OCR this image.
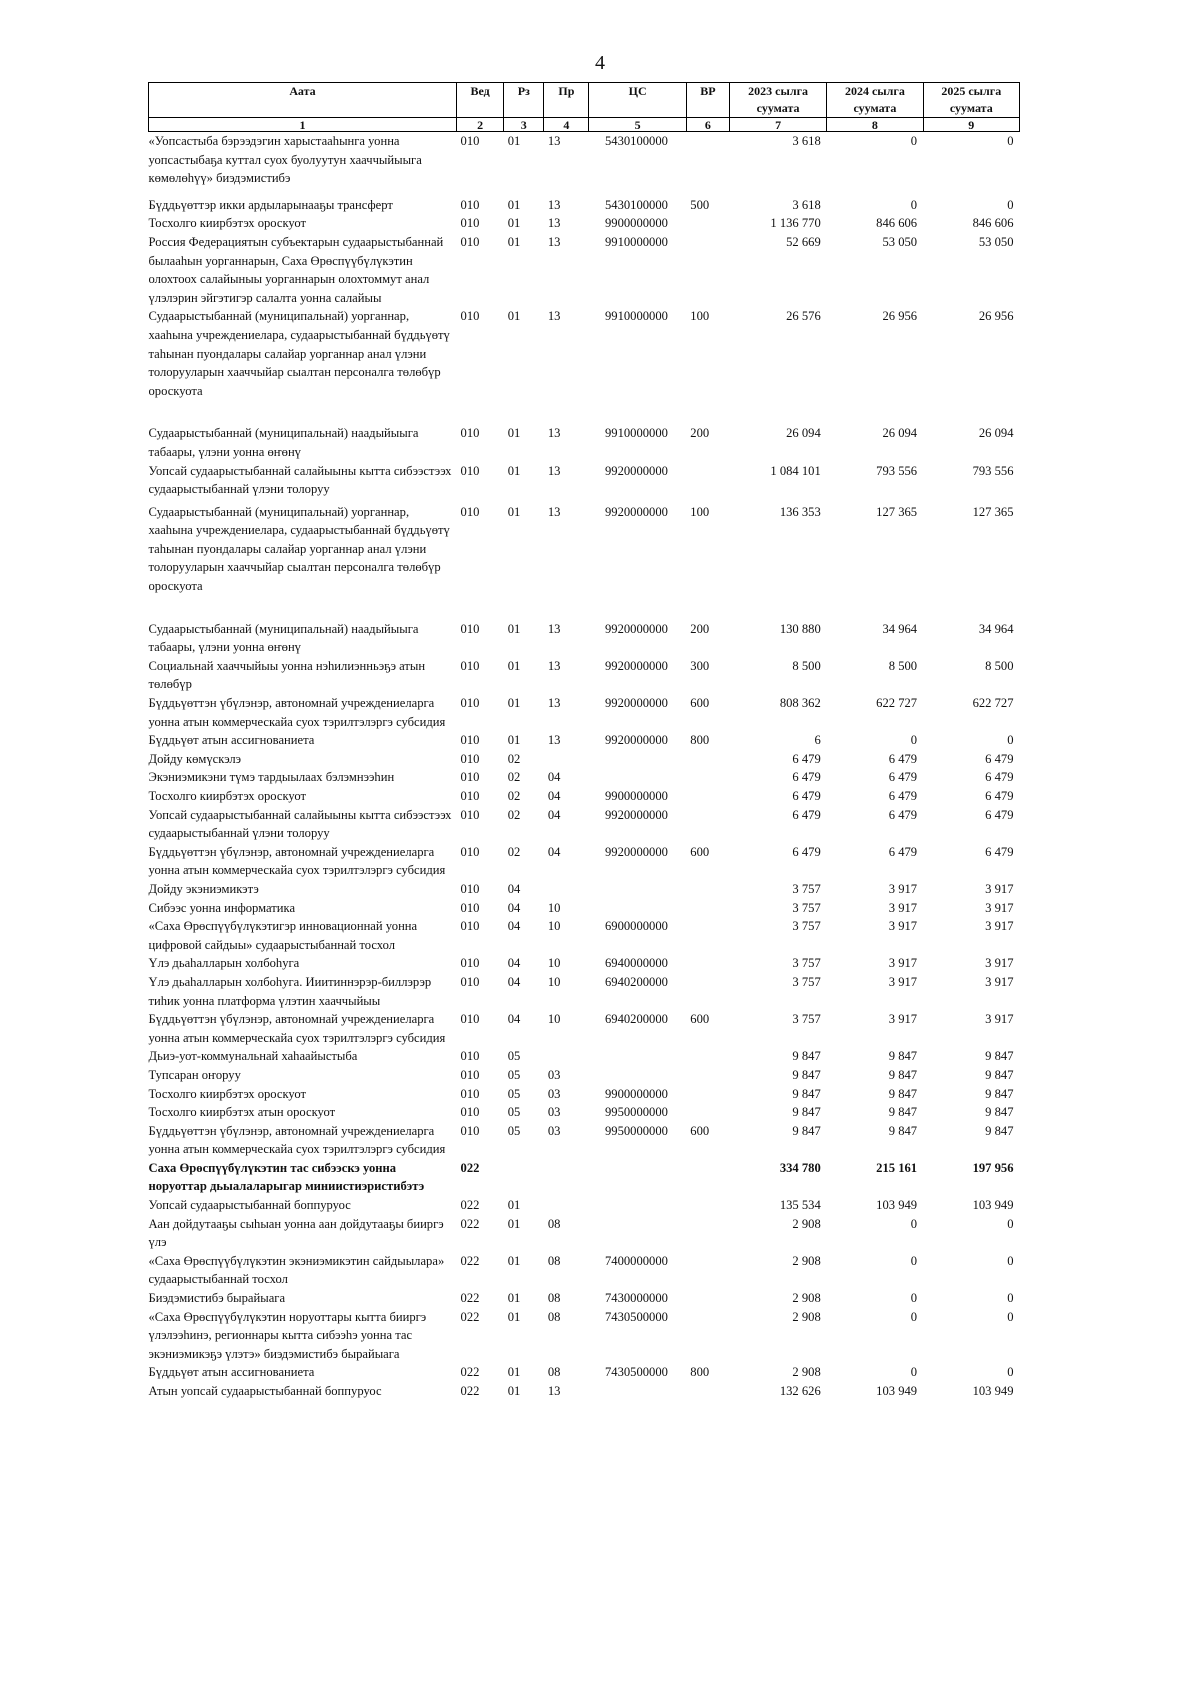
4
Аата	Вед	Рз	Пр	ЦС	ВР	2023 сылга суумата	2024 сылга суумата	2025 сылга суумата
1	2	3	4	5	6	7	8	9
«Уопсастыба бэрээдэгин харыстааһынга уонна уопсастыбаҕа куттал суох буолуутун хааччыйыыга көмөлөһүү» биэдэмистибэ	010	01	13	5430100000		3 618	0	0
Бүддьүөттэр икки ардыларынааҕы трансферт	010	01	13	5430100000	500	3 618	0	0
Тосхолго киирбэтэх ороскуот	010	01	13	9900000000		1 136 770	846 606	846 606
Россия Федерациятын субъектарын судаарыстыбаннай былааһын уорганнарын, Саха Өрөспүүбүлүкэтин олохтоох салайыныы уорганнарын олохтоммут анал үлэлэрин эйгэтигэр салалта уонна салайыы	010	01	13	9910000000		52 669	53 050	53 050
Судаарыстыбаннай (муниципальнай) уорганнар, хааһына учреждениелара, судаарыстыбаннай бүддьүөтү таһынан пуондалары салайар уорганнар анал үлэни толорууларын хааччыйар сыалтан персоналга төлөбүр ороскуота	010	01	13	9910000000	100	26 576	26 956	26 956
Судаарыстыбаннай (муниципальнай) наадыйыыга табаары, үлэни уонна өҥөнү	010	01	13	9910000000	200	26 094	26 094	26 094
Уопсай судаарыстыбаннай салайыыны кытта сибээстээх судаарыстыбаннай үлэни толоруу	010	01	13	9920000000		1 084 101	793 556	793 556
Судаарыстыбаннай (муниципальнай) уорганнар, хааһына учреждениелара, судаарыстыбаннай бүддьүөтү таһынан пуондалары салайар уорганнар анал үлэни толорууларын хааччыйар сыалтан персоналга төлөбүр ороскуота	010	01	13	9920000000	100	136 353	127 365	127 365
Судаарыстыбаннай (муниципальнай) наадыйыыга табаары, үлэни уонна өҥөнү	010	01	13	9920000000	200	130 880	34 964	34 964
Социальнай хааччыйыы уонна нэһилиэнньэҕэ атын төлөбүр	010	01	13	9920000000	300	8 500	8 500	8 500
Бүддьүөттэн үбүлэнэр, автономнай учреждениеларга уонна атын коммерческайа суох тэрилтэлэргэ субсидия	010	01	13	9920000000	600	808 362	622 727	622 727
Бүддьүөт атын ассигнованиета	010	01	13	9920000000	800	6	0	0
Дойду көмүскэлэ	010	02				6 479	6 479	6 479
Экэниэмикэни түмэ тардыылаах бэлэмнээһин	010	02	04			6 479	6 479	6 479
Тосхолго киирбэтэх ороскуот	010	02	04	9900000000		6 479	6 479	6 479
Уопсай судаарыстыбаннай салайыыны кытта сибээстээх судаарыстыбаннай үлэни толоруу	010	02	04	9920000000		6 479	6 479	6 479
Бүддьүөттэн үбүлэнэр, автономнай учреждениеларга уонна атын коммерческайа суох тэрилтэлэргэ субсидия	010	02	04	9920000000	600	6 479	6 479	6 479
Дойду экэниэмикэтэ	010	04				3 757	3 917	3 917
Сибээс уонна информатика	010	04	10			3 757	3 917	3 917
«Саха Өрөспүүбүлүкэтигэр инновационнай уонна цифровой сайдыы» судаарыстыбаннай тосхол	010	04	10	6900000000		3 757	3 917	3 917
Үлэ дьаһалларын холбоһуга	010	04	10	6940000000		3 757	3 917	3 917
Үлэ дьаһалларын холбоһуга. Ииитиннэрэр-биллэрэр тиһик уонна платформа үлэтин хааччыйыы	010	04	10	6940200000		3 757	3 917	3 917
Бүддьүөттэн үбүлэнэр, автономнай учреждениеларга уонна атын коммерческайа суох тэрилтэлэргэ субсидия	010	04	10	6940200000	600	3 757	3 917	3 917
Дьиэ-уот-коммунальнай хаһаайыстыба	010	05				9 847	9 847	9 847
Тупсаран оҥоруу	010	05	03			9 847	9 847	9 847
Тосхолго киирбэтэх ороскуот	010	05	03	9900000000		9 847	9 847	9 847
Тосхолго киирбэтэх атын ороскуот	010	05	03	9950000000		9 847	9 847	9 847
Бүддьүөттэн үбүлэнэр, автономнай учреждениеларга уонна атын коммерческайа суох тэрилтэлэргэ субсидия	010	05	03	9950000000	600	9 847	9 847	9 847
Саха Өрөспүүбүлүкэтин тас сибээскэ уонна норуоттар дьыалаларыгар миниистиэристибэтэ	022					334 780	215 161	197 956
Уопсай судаарыстыбаннай боппуруос	022	01				135 534	103 949	103 949
Аан дойдутааҕы сыһыан уонна аан дойдутааҕы бииргэ үлэ	022	01	08			2 908	0	0
«Саха Өрөспүүбүлүкэтин экэниэмикэтин сайдыылара» судаарыстыбаннай тосхол	022	01	08	7400000000		2 908	0	0
Биэдэмистибэ бырайыага	022	01	08	7430000000		2 908	0	0
«Саха Өрөспүүбүлүкэтин норуоттары кытта бииргэ үлэлээһинэ, регионнары кытта сибээһэ уонна тас экэниэмикэҕэ үлэтэ» биэдэмистибэ бырайыага	022	01	08	7430500000		2 908	0	0
Бүддьүөт атын ассигнованиета	022	01	08	7430500000	800	2 908	0	0
Атын уопсай судаарыстыбаннай боппуруос	022	01	13			132 626	103 949	103 949
